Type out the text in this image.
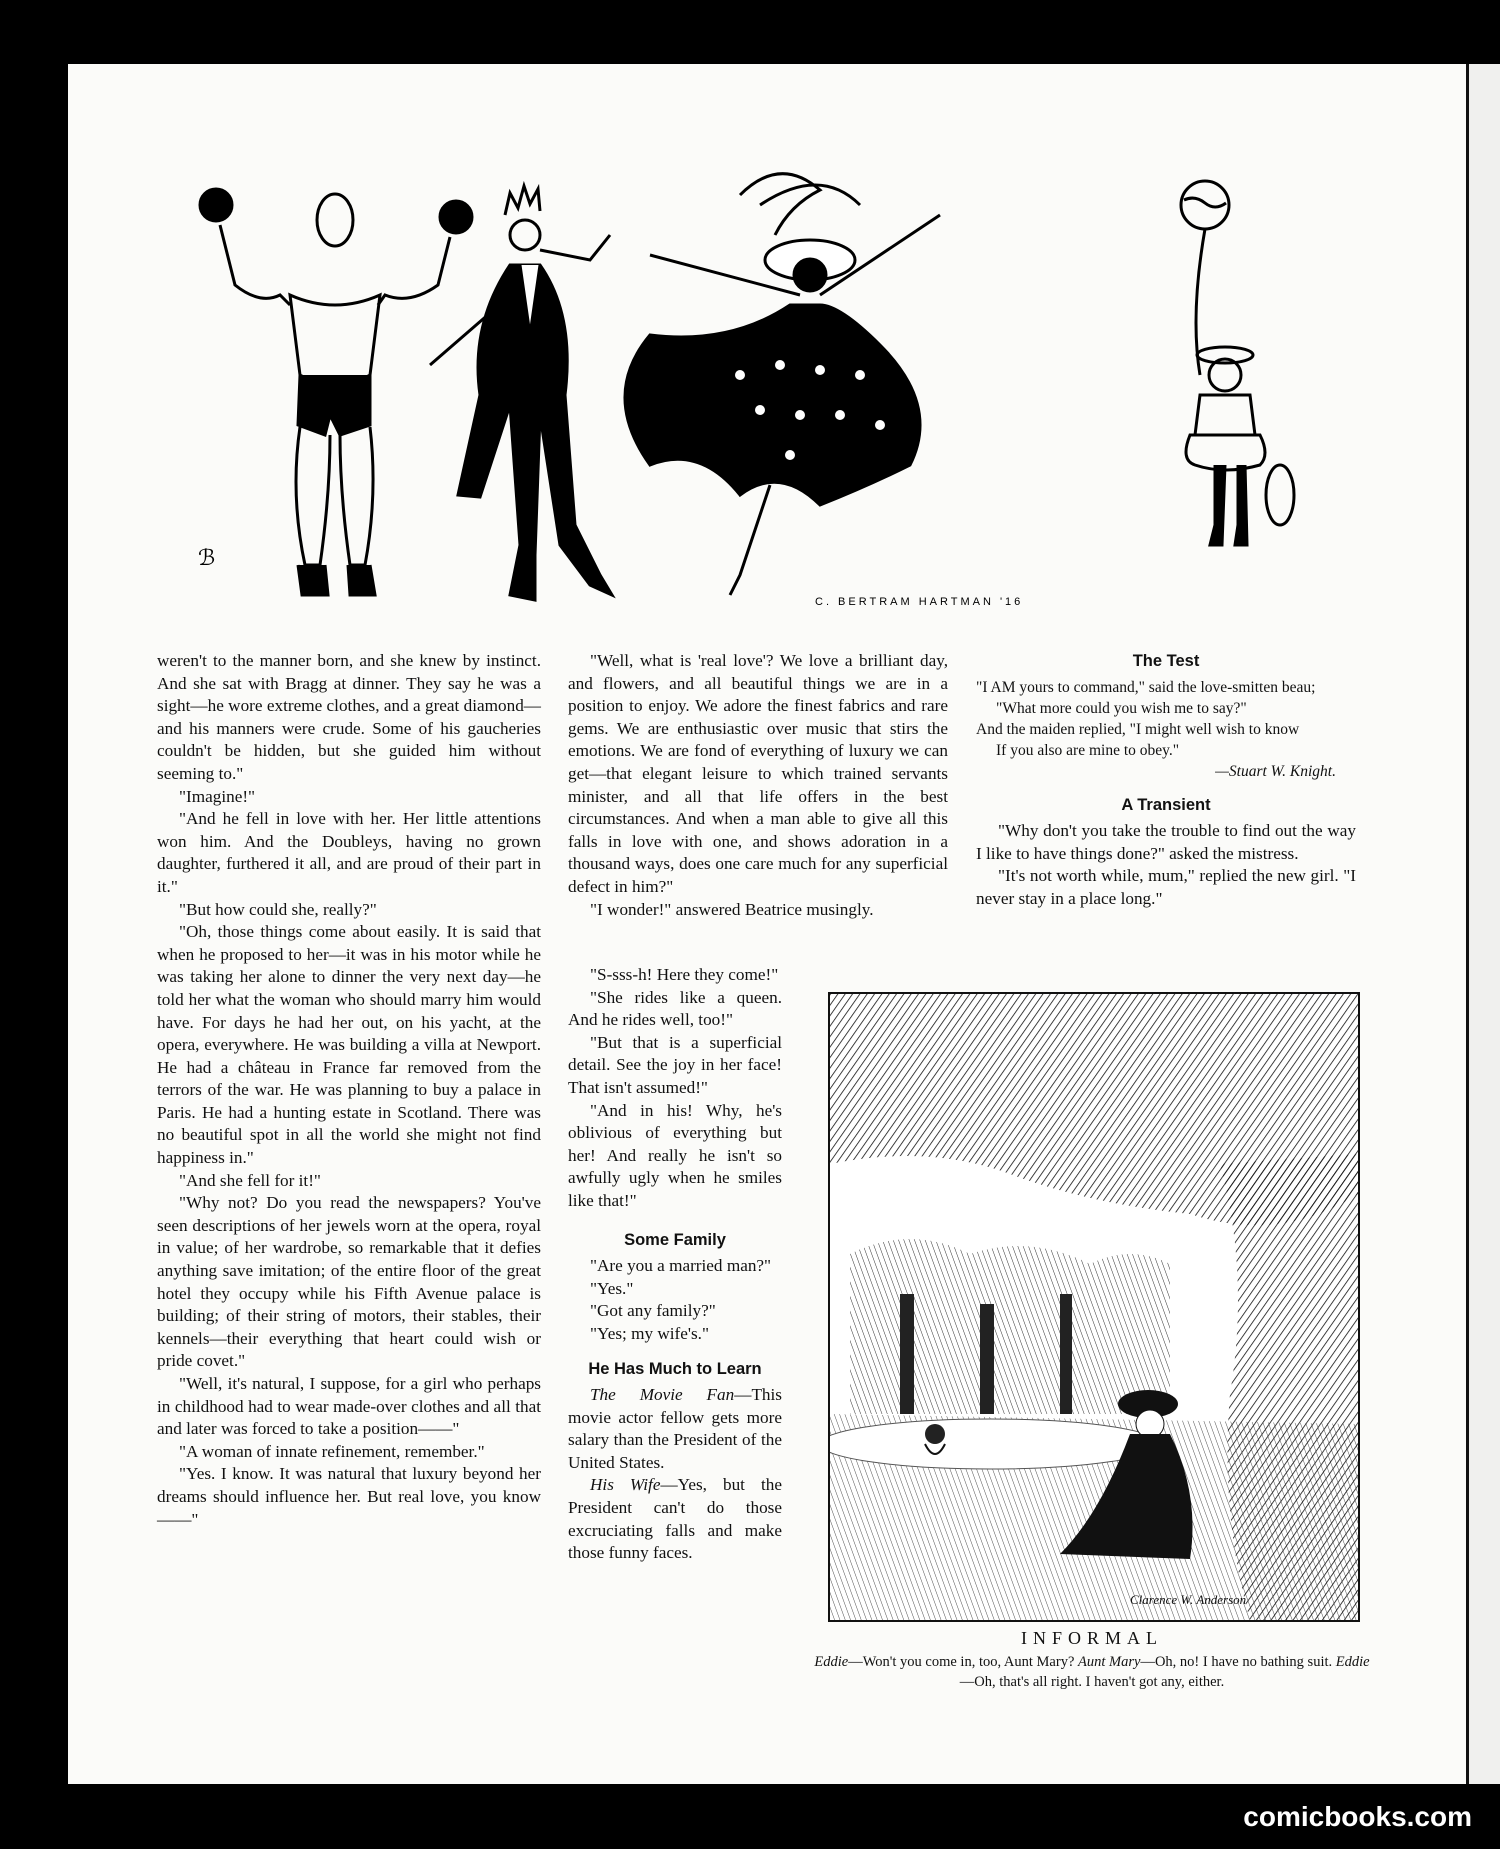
ℬ
C. BERTRAM HARTMAN '16

weren't to the manner born, and she knew by instinct. And she sat with Bragg at dinner. They say he was a sight—he wore extreme clothes, and a great diamond—and his manners were crude. Some of his gaucheries couldn't be hidden, but she guided him without seeming to."

"Imagine!"

"And he fell in love with her. Her little attentions won him. And the Doubleys, having no grown daughter, furthered it all, and are proud of their part in it."

"But how could she, really?"

"Oh, those things come about easily. It is said that when he proposed to her—it was in his motor while he was taking her alone to dinner the very next day—he told her what the woman who should marry him would have. For days he had her out, on his yacht, at the opera, everywhere. He was building a villa at Newport. He had a château in France far removed from the terrors of the war. He was planning to buy a palace in Paris. He had a hunting estate in Scotland. There was no beautiful spot in all the world she might not find happiness in."

"And she fell for it!"

"Why not? Do you read the newspapers? You've seen descriptions of her jewels worn at the opera, royal in value; of her wardrobe, so remarkable that it defies anything save imitation; of the entire floor of the great hotel they occupy while his Fifth Avenue palace is building; of their string of motors, their stables, their kennels—their everything that heart could wish or pride covet."

"Well, it's natural, I suppose, for a girl who perhaps in childhood had to wear made-over clothes and all that and later was forced to take a position——"

"A woman of innate refinement, remember."

"Yes. I know. It was natural that luxury beyond her dreams should influence her. But real love, you know——"

"Well, what is 'real love'? We love a brilliant day, and flowers, and all beautiful things we are in a position to enjoy. We adore the finest fabrics and rare gems. We are enthusiastic over music that stirs the emotions. We are fond of everything of luxury we can get—that elegant leisure to which trained servants minister, and all that life offers in the best circumstances. And when a man able to give all this falls in love with one, and shows adoration in a thousand ways, does one care much for any superficial defect in him?"

"I wonder!" answered Beatrice musingly.

"S-sss-h! Here they come!"

"She rides like a queen. And he rides well, too!"

"But that is a superficial detail. See the joy in her face! That isn't assumed!"

"And in his! Why, he's oblivious of everything but her! And really he isn't so awfully ugly when he smiles like that!"

Some Family

"Are you a married man?"

"Yes."

"Got any family?"

"Yes; my wife's."

He Has Much to Learn

The Movie Fan—This movie actor fellow gets more salary than the President of the United States.

His Wife—Yes, but the President can't do those excruciating falls and make those funny faces.

The Test

"I AM yours to command," said the love-smitten beau;

"What more could you wish me to say?"

And the maiden replied, "I might well wish to know

If you also are mine to obey."

—Stuart W. Knight.

A Transient

"Why don't you take the trouble to find out the way I like to have things done?" asked the mistress.

"It's not worth while, mum," replied the new girl. "I never stay in a place long."

Clarence W. Anderson
INFORMAL
Eddie—Won't you come in, too, Aunt Mary? Aunt Mary—Oh, no! I have no bathing suit. Eddie—Oh, that's all right. I haven't got any, either.
comicbooks.com
